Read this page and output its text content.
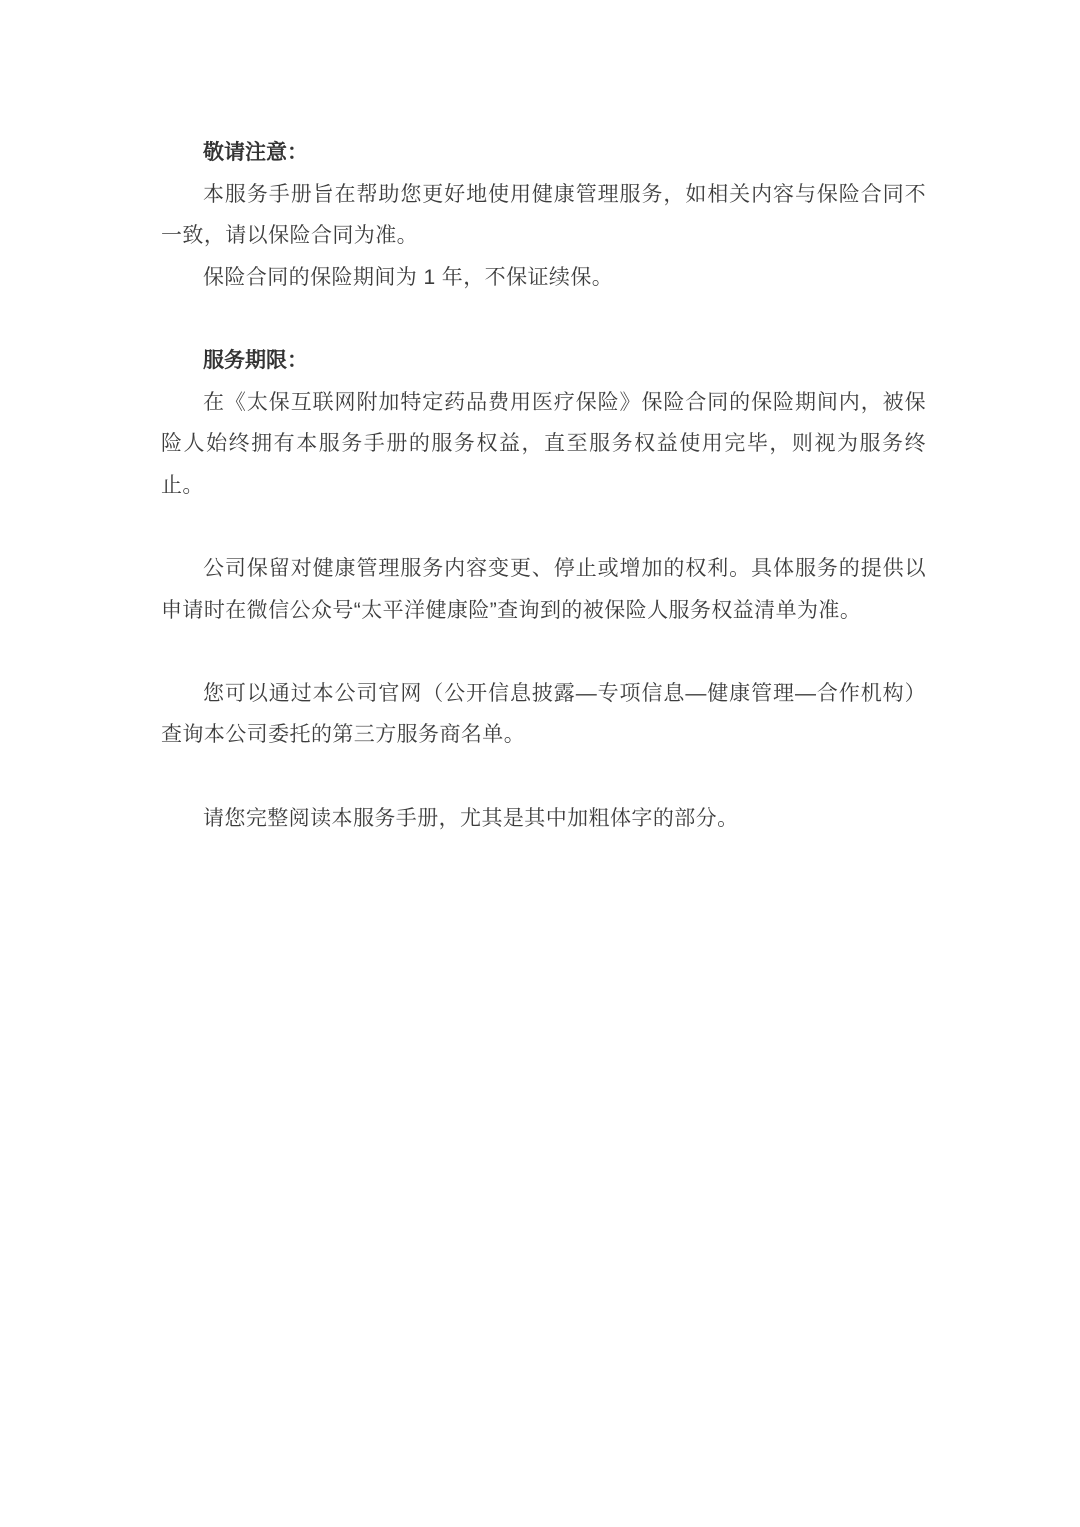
敬请注意：

本服务手册旨在帮助您更好地使用健康管理服务，如相关内容与保险合同不一致，请以保险合同为准。

保险合同的保险期间为 1 年，不保证续保。

服务期限：

在《太保互联网附加特定药品费用医疗保险》保险合同的保险期间内，被保险人始终拥有本服务手册的服务权益，直至服务权益使用完毕，则视为服务终止。

公司保留对健康管理服务内容变更、停止或增加的权利。具体服务的提供以申请时在微信公众号“太平洋健康险”查询到的被保险人服务权益清单为准。

您可以通过本公司官网（公开信息披露—专项信息—健康管理—合作机构）查询本公司委托的第三方服务商名单。

请您完整阅读本服务手册，尤其是其中加粗体字的部分。
